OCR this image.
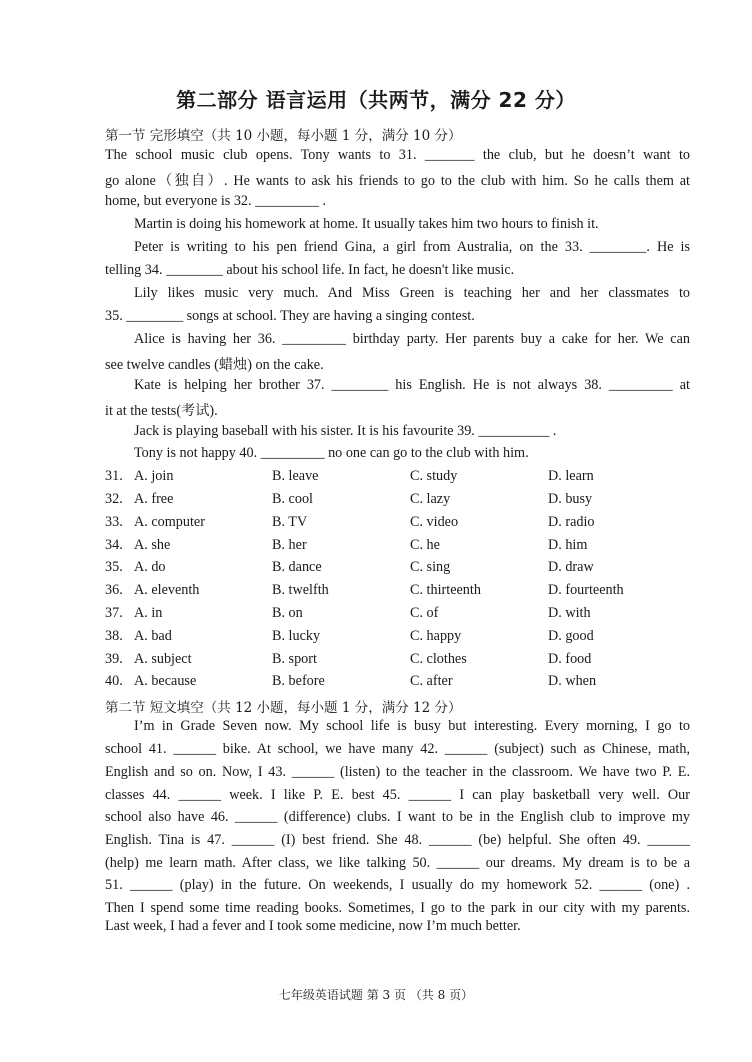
第二部分 语言运用（共两节，满分 22 分）
第一节 完形填空（共 10 小题，每小题 1 分，满分 10 分）
The school music club opens. Tony wants to 31. _______ the club, but he doesn’t want to
go alone（独自）. He wants to ask his friends to go to the club with him. So he calls them at
home, but everyone is 32. _________ .
Martin is doing his homework at home. It usually takes him two hours to finish it.
Peter is writing to his pen friend Gina, a girl from Australia, on the 33. ________. He is
telling 34. ________ about his school life. In fact, he doesn't like music.
Lily likes music very much. And Miss Green is teaching her and her classmates to
35. ________ songs at school. They are having a singing contest.
Alice is having her 36. _________ birthday party. Her parents buy a cake for her. We can
see twelve candles (蜡烛) on the cake.
Kate is helping her brother 37. ________ his English. He is not always 38. _________ at
it at the tests(考试).
Jack is playing baseball with his sister. It is his favourite 39. __________ .
Tony is not happy 40. _________ no one can go to the club with him.
31. A. join	B. leave	C. study	D. learn
32. A. free	B. cool	C. lazy	D. busy
33. A. computer	B. TV	C. video	D. radio
34. A. she	B. her	C. he	D. him
35. A. do	B. dance	C. sing	D. draw
36. A. eleventh	B. twelfth	C. thirteenth	D. fourteenth
37. A. in	B. on	C. of	D. with
38. A. bad	B. lucky	C. happy	D. good
39. A. subject	B. sport	C. clothes	D. food
40. A. because	B. before	C. after	D. when
第二节 短文填空（共 12 小题，每小题 1 分，满分 12 分）
I’m in Grade Seven now. My school life is busy but interesting. Every morning, I go to
school 41. ______ bike. At school, we have many 42. ______ (subject) such as Chinese, math,
English and so on. Now, I 43. ______ (listen) to the teacher in the classroom. We have two P. E.
classes 44. ______ week. I like P. E. best 45. ______ I can play basketball very well. Our
school also have 46. ______ (difference) clubs. I want to be in the English club to improve my
English. Tina is 47. ______ (I) best friend. She 48. ______ (be) helpful. She often 49. ______
(help) me learn math. After class, we like talking 50. ______ our dreams. My dream is to be a
51. ______ (play) in the future. On weekends, I usually do my homework 52. ______ (one) .
Then I spend some time reading books. Sometimes, I go to the park in our city with my parents.
Last week, I had a fever and I took some medicine, now I’m much better.
七年级英语试题 第 3 页 （共 8 页）
